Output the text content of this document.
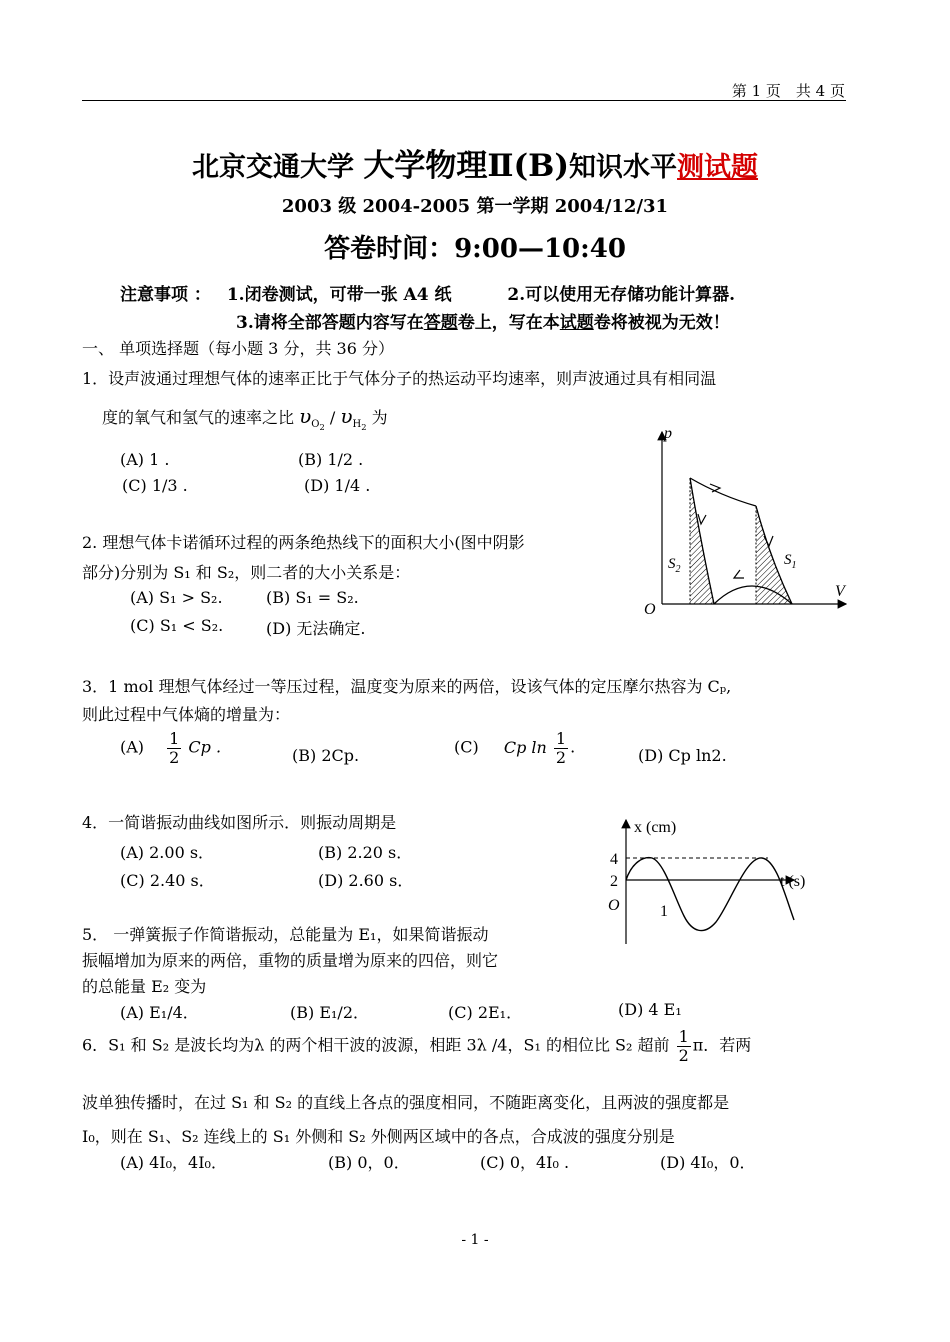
第 1 页　共 4 页
北京交通大学 大学物理Ⅱ(B)知识水平测试题
2003 级 2004-2005 第一学期 2004/12/31
答卷时间：9:00—10:40
注意事项 ： 1.闭卷测试，可带一张 A4 纸	2.可以使用无存储功能计算器.
3.请将全部答题内容写在答题卷上，写在本试题卷将被视为无效！
一、 单项选择题（每小题 3 分，共 36 分）
1．设声波通过理想气体的速率正比于气体分子的热运动平均速率，则声波通过具有相同温
度的氧气和氢气的速率之比 $\upsilon_{O_2} / \upsilon_{H_2}$ 为
(A) 1 .	(B) 1/2 .
(C) 1/3 .	(D) 1/4 .
p
V
O
$S_2$
$S_1$
2. 理想气体卡诺循环过程的两条绝热线下的面积大小(图中阴影
部分)分别为 S₁ 和 S₂，则二者的大小关系是：
(A) S₁ > S₂.	(B) S₁ = S₂.
(C) S₁ < S₂.	(D) 无法确定.
3．1 mol 理想气体经过一等压过程，温度变为原来的两倍，设该气体的定压摩尔热容为 Cₚ,
则此过程中气体熵的增量为：
$(A) \frac{1}{2}$ Cp .	(B) 2Cp.	(C) Cp $\ln \frac{1}{2}$ .	(D) Cp ln2.
4．一简谐振动曲线如图所示．则振动周期是
(A) 2.00 s．	(B) 2.20 s．
(C) 2.40 s．	(D) 2.60 s．
x (cm)
t (s)
O
4
2
1
5． 一弹簧振子作简谐振动，总能量为 E₁，如果简谐振动
振幅增加为原来的两倍，重物的质量增为原来的四倍，则它
的总能量 E₂ 变为
(A) E₁/4．	(B) E₁/2．	(C) 2E₁．	(D) 4 E₁
6．S₁ 和 S₂ 是波长均为λ 的两个相干波的波源，相距 3λ /4，S₁ 的相位比 S₂ 超前 $\frac{1}{2}$ π．若两
波单独传播时，在过 S₁ 和 S₂ 的直线上各点的强度相同，不随距离变化，且两波的强度都是
I₀，则在 S₁、S₂ 连线上的 S₁ 外侧和 S₂ 外侧两区域中的各点，合成波的强度分别是
(A) 4I₀，4I₀．	(B) 0，0．	(C) 0，4I₀ .	(D) 4I₀，0．
- 1 -
